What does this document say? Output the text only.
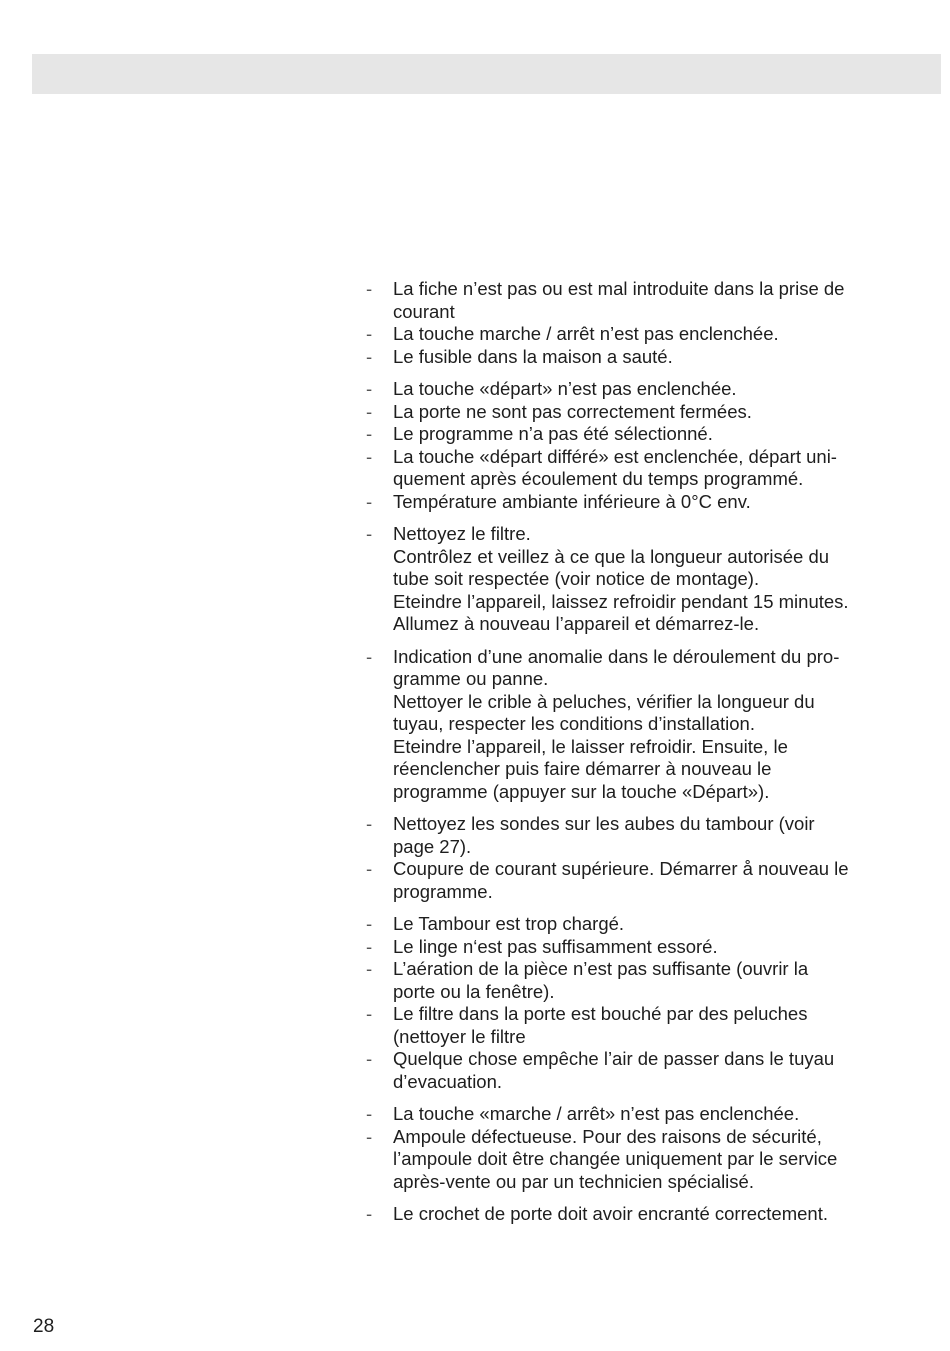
- La fiche n’est pas ou est mal introduite dans la prise de
courant
- La touche marche / arrêt n’est pas enclenchée.
- Le fusible dans la maison a sauté.
- La touche «départ» n’est pas enclenchée.
- La porte ne sont pas correctement fermées.
- Le programme n’a pas été sélectionné.
- La touche «départ différé» est enclenchée, départ uni-
quement après écoulement du temps programmé.
- Température ambiante inférieure à 0°C env.
- Nettoyez le filtre.
Contrôlez et veillez à ce que la longueur autorisée du
tube soit respectée (voir notice de montage).
Eteindre l’appareil, laissez refroidir pendant 15 minutes.
Allumez à nouveau l’appareil et démarrez-le.
- Indication d’une anomalie dans le déroulement du pro-
gramme ou panne.
Nettoyer le crible à peluches, vérifier la longueur du
tuyau, respecter les conditions d’installation.
Eteindre l’appareil, le laisser refroidir. Ensuite, le
réenclencher puis faire démarrer à nouveau le
programme (appuyer sur la touche «Départ»).
- Nettoyez les sondes sur les aubes du tambour (voir
page 27).
- Coupure de courant supérieure. Démarrer å nouveau le
programme.
- Le Tambour est trop chargé.
- Le linge n‘est pas suffisamment essoré.
- L’aération de la pièce n’est pas suffisante (ouvrir la
porte ou la fenêtre).
- Le filtre dans la porte est bouché par des peluches
(nettoyer le filtre
- Quelque chose empêche l’air de passer dans le tuyau
d’evacuation.
- La touche «marche / arrêt» n’est pas enclenchée.
- Ampoule défectueuse. Pour des raisons de sécurité,
l’ampoule doit être changée uniquement par le service
après-vente ou par un technicien spécialisé.
- Le crochet de porte doit avoir encranté correctement.
28
